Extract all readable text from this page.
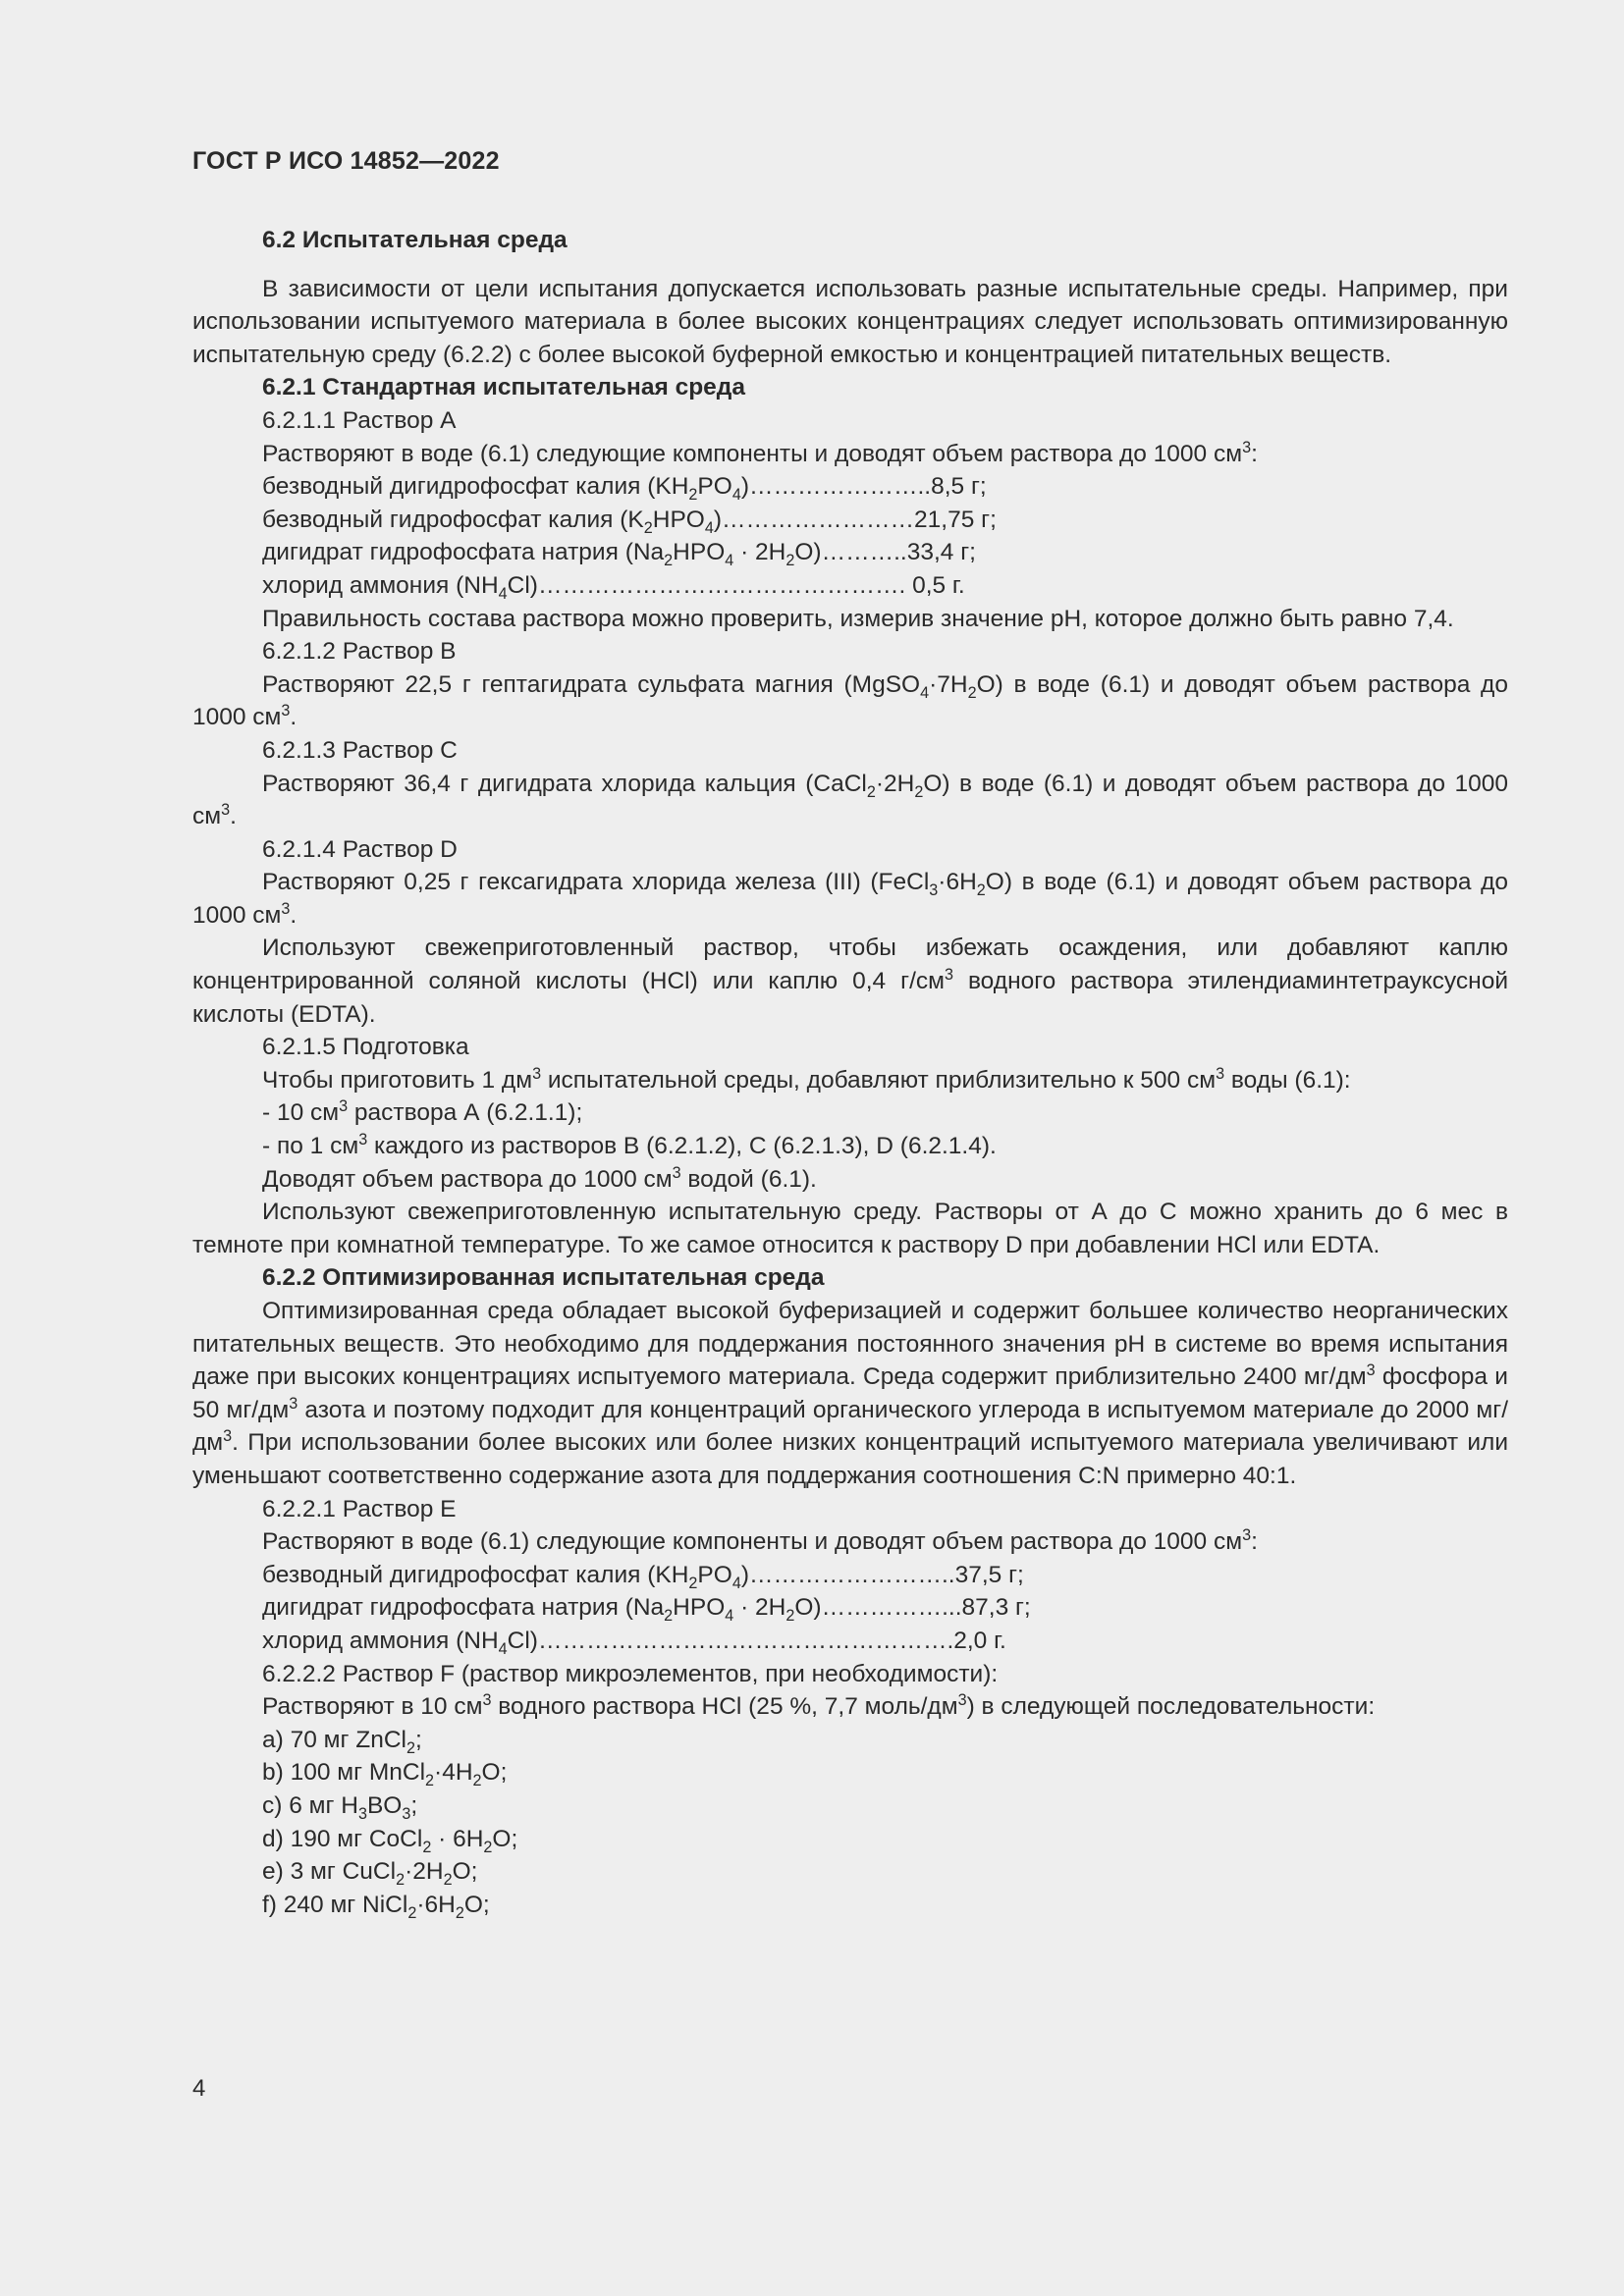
ГОСТ Р ИСО 14852—2022

6.2 Испытательная среда

В зависимости от цели испытания допускается использовать разные испытательные среды. Например, при использовании испытуемого материала в более высоких концентрациях следует использовать оптимизированную испытательную среду (6.2.2) с более высокой буферной емкостью и концентрацией питательных веществ.

6.2.1 Стандартная испытательная среда

6.2.1.1 Раствор А

Растворяют в воде (6.1) следующие компоненты и доводят объем раствора до 1000 $см^3$:

безводный дигидрофосфат калия $(KH_2PO_4)\dots\dots\dots\dots\dots\dots\dots..8,5$ г;

безводный гидрофосфат калия $(K_2HPO_4)\dots\dots\dots\dots\dots\dots\dots\dots 21,75$ г;

дигидрат гидрофосфата натрия ($Na_2HPO_4$ · $2H_2O)\dots\dots\dots..33,4$ г;

хлорид аммония $(NH_4Cl)\dots\dots\dots\dots\dots\dots\dots\dots\dots\dots\dots\dots\dots\dots\dots$. 0,5 г.

Правильность состава раствора можно проверить, измерив значение pH, которое должно быть равно 7,4.

6.2.1.2 Раствор В

Растворяют 22,5 г гептагидрата сульфата магния $(MgSO_4\cdot 7H_2O)$ в воде (6.1) и доводят объем раствора до 1000 $см^3$.

6.2.1.3 Раствор С

Растворяют 36,4 г дигидрата хлорида кальция $(CaCl_2\cdot 2H_2O)$ в воде (6.1) и доводят объем раствора до 1000 $см^3$.

6.2.1.4 Раствор D

Растворяют 0,25 г гексагидрата хлорида железа (III) $(FeCl_3\cdot 6H_2O)$ в воде (6.1) и доводят объем раствора до 1000 $см^3$.

Используют свежеприготовленный раствор, чтобы избежать осаждения, или добавляют каплю концентрированной соляной кислоты (HCl) или каплю 0,4 $г/см^3$ водного раствора этилендиаминтетрауксусной кислоты (EDTA).

6.2.1.5 Подготовка

Чтобы приготовить 1 $дм^3$ испытательной среды, добавляют приблизительно к 500 $см^3$ воды (6.1):

- 10 $см^3$ раствора А (6.2.1.1);

- по 1 $см^3$ каждого из растворов В (6.2.1.2), С (6.2.1.3), D (6.2.1.4).

Доводят объем раствора до 1000 $см^3$ водой (6.1).

Используют свежеприготовленную испытательную среду. Растворы от А до С можно хранить до 6 мес в темноте при комнатной температуре. То же самое относится к раствору D при добавлении HCl или EDTA.

6.2.2 Оптимизированная испытательная среда

Оптимизированная среда обладает высокой буферизацией и содержит большее количество неорганических питательных веществ. Это необходимо для поддержания постоянного значения pH в системе во время испытания даже при высоких концентрациях испытуемого материала. Среда содержит приблизительно 2400 $мг/дм^3$ фосфора и 50 $мг/дм^3$ азота и поэтому подходит для концентраций органического углерода в испытуемом материале до 2000 $мг/дм^3$. При использовании более высоких или более низких концентраций испытуемого материала увеличивают или уменьшают соответственно содержание азота для поддержания соотношения C:N примерно 40:1.

6.2.2.1 Раствор Е

Растворяют в воде (6.1) следующие компоненты и доводят объем раствора до 1000 $см^3$:

безводный дигидрофосфат калия $(KH_2PO_4)\dots\dots\dots\dots\dots\dots\dots\dots..37,5$ г;

дигидрат гидрофосфата натрия ($Na_2HPO_4$ · $2H_2O)\dots\dots\dots\dots\dots...87,3$ г;

хлорид аммония $(NH_4Cl)\dots\dots\dots\dots\dots\dots\dots\dots\dots\dots\dots\dots\dots\dots\dots\dots\dots.2,0$ г.

6.2.2.2 Раствор F (раствор микроэлементов, при необходимости):

Растворяют в 10 $см^3$ водного раствора HCl (25 %, 7,7 моль/$дм^3$) в следующей последовательности:

a) 70 мг ZnCl$_2$;

b) 100 мг $MnCl_2\cdot 4H_2O$;

c) 6 мг $H_3BO_3$;

d) 190 мг CoCl$_2$ · $6H_2O$;

e) 3 мг $CuCl_2\cdot 2H_2O$;

f) 240 мг $NiCl_2\cdot 6H_2O$;

4
